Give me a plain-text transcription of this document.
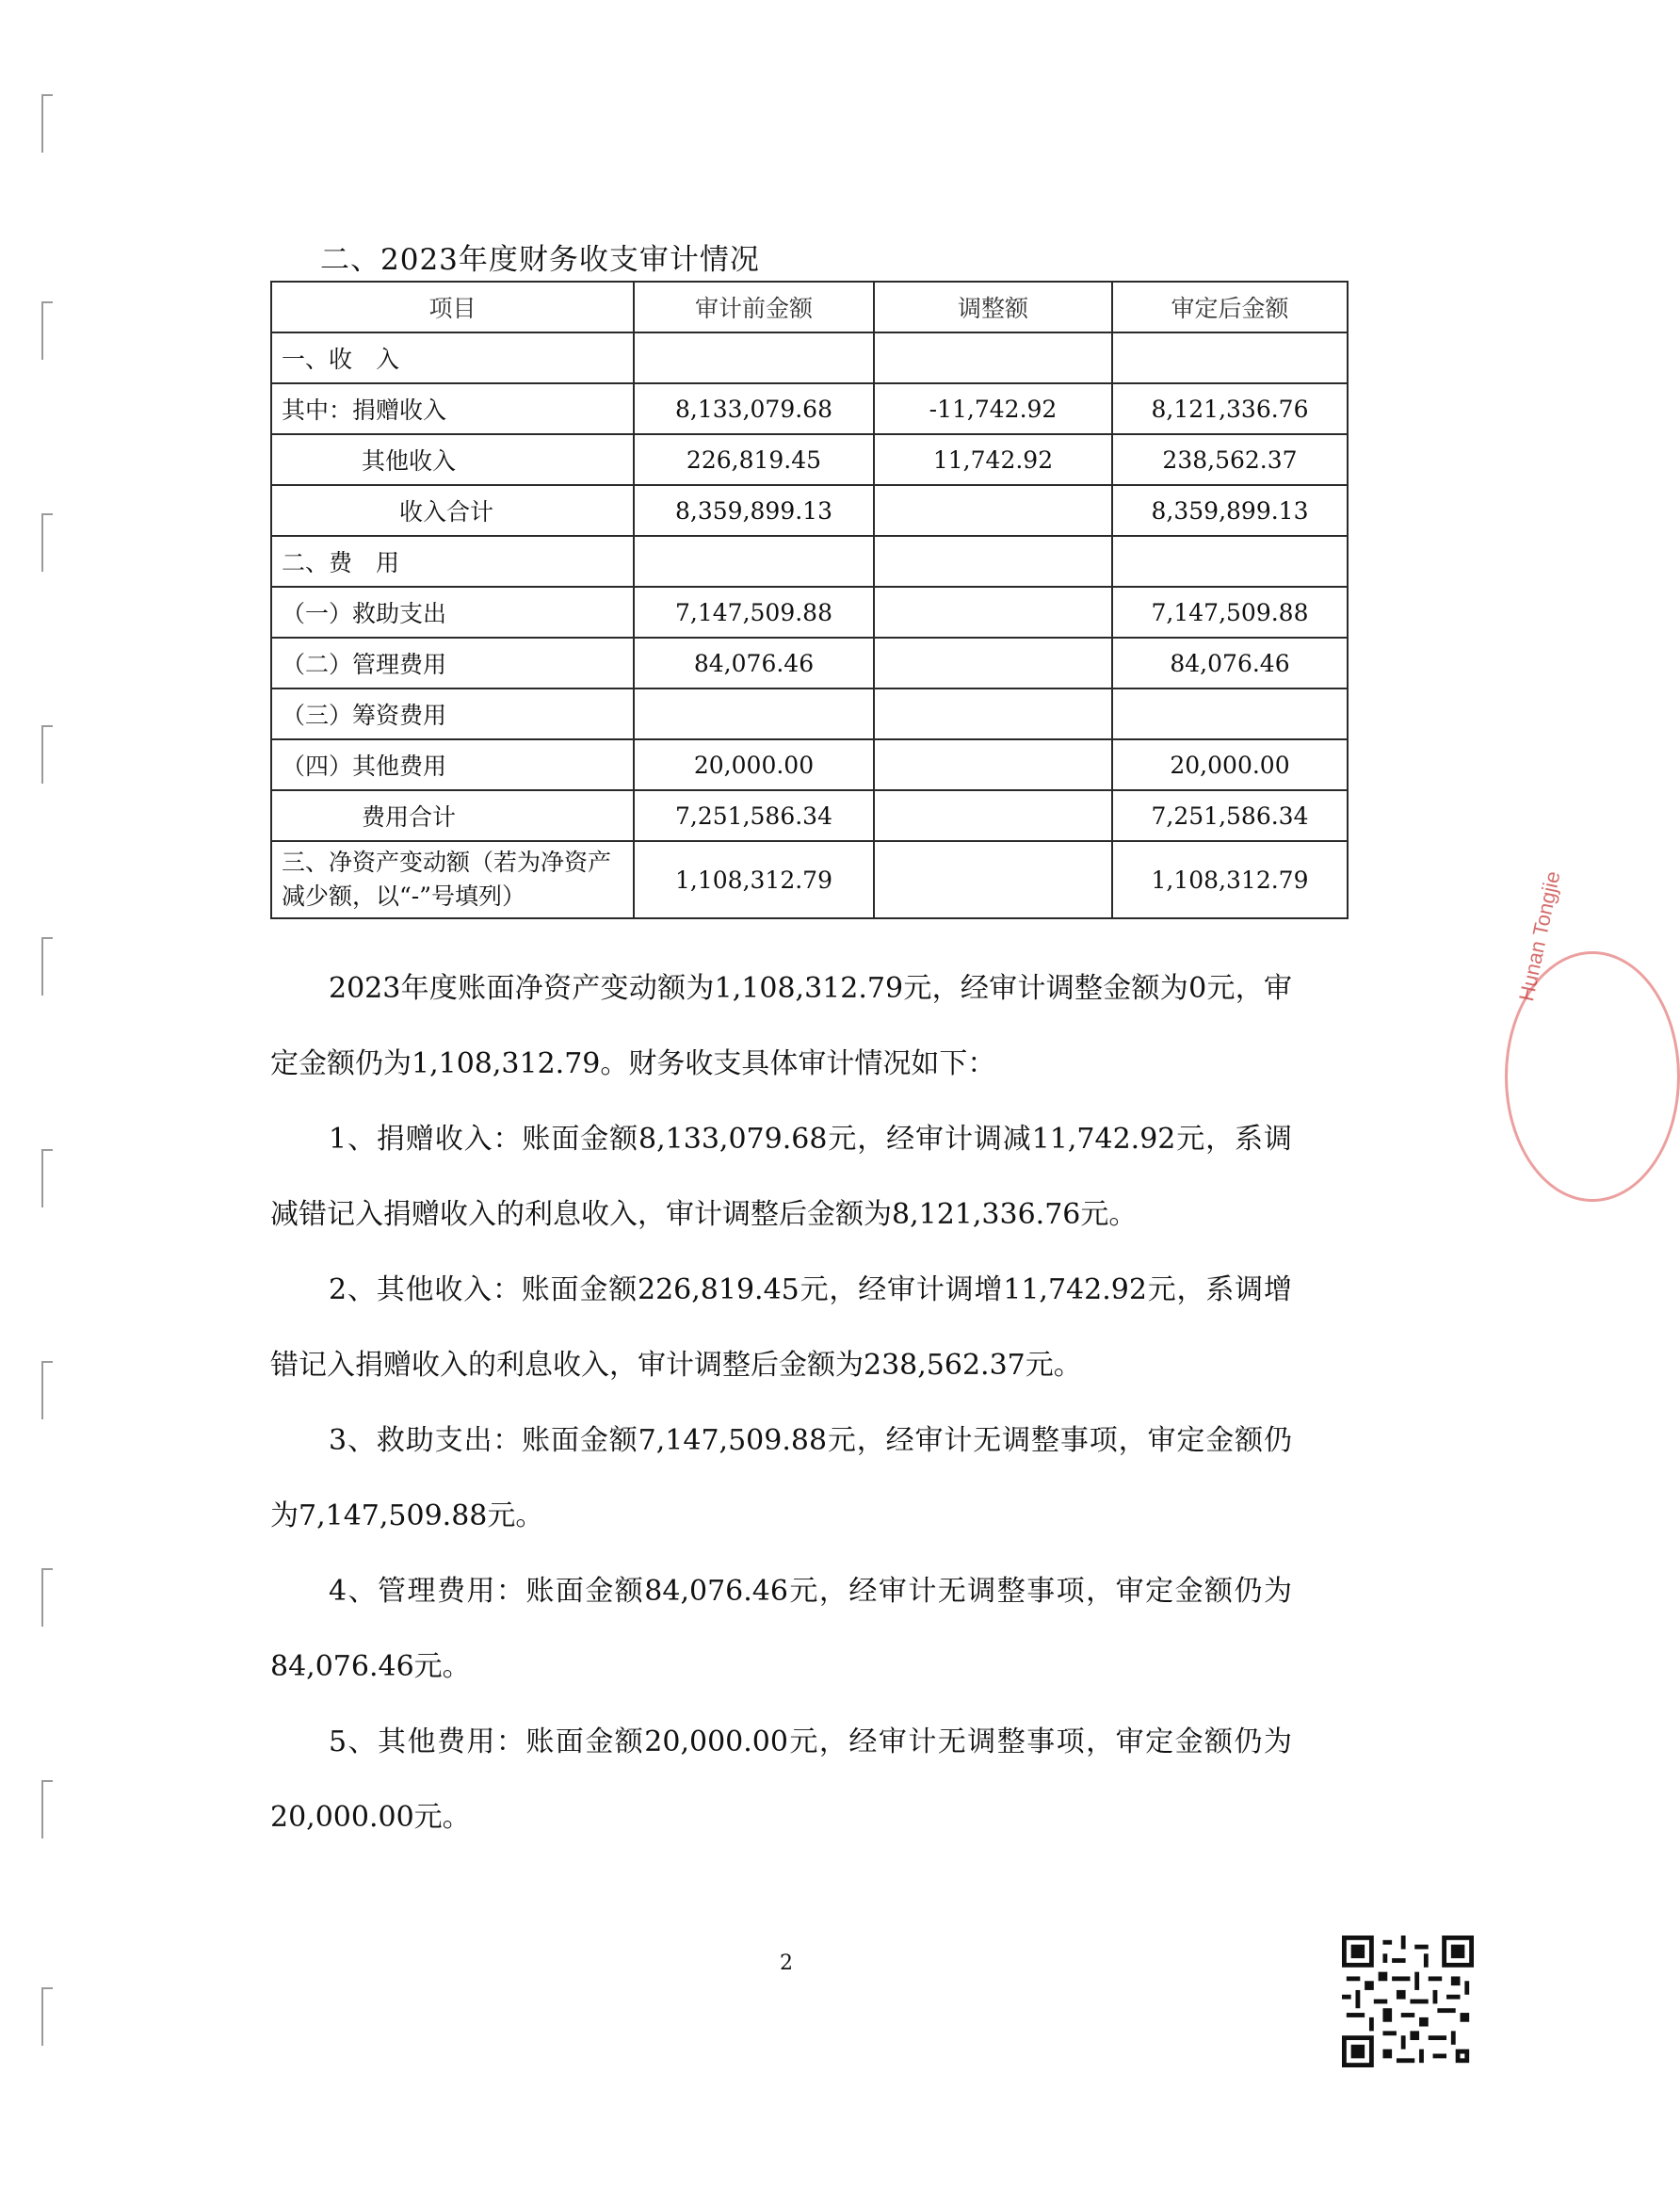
二、2023年度财务收支审计情况
项目	审计前金额	调整额	审定后金额
一、收　入			
其中：捐赠收入	8,133,079.68	-11,742.92	8,121,336.76
其他收入	226,819.45	11,742.92	238,562.37
收入合计	8,359,899.13		8,359,899.13
二、费　用			
（一）救助支出	7,147,509.88		7,147,509.88
（二）管理费用	84,076.46		84,076.46
（三）筹资费用			
（四）其他费用	20,000.00		20,000.00
费用合计	7,251,586.34		7,251,586.34
三、净资产变动额（若为净资产减少额，以“-”号填列）	1,108,312.79		1,108,312.79

2023年度账面净资产变动额为1,108,312.79元，经审计调整金额为0元，审定金额仍为1,108,312.79。财务收支具体审计情况如下：

1、捐赠收入：账面金额8,133,079.68元，经审计调减11,742.92元，系调减错记入捐赠收入的利息收入，审计调整后金额为8,121,336.76元。

2、其他收入：账面金额226,819.45元，经审计调增11,742.92元，系调增错记入捐赠收入的利息收入，审计调整后金额为238,562.37元。

3、救助支出：账面金额7,147,509.88元，经审计无调整事项，审定金额仍为7,147,509.88元。

4、管理费用：账面金额84,076.46元，经审计无调整事项，审定金额仍为84,076.46元。

5、其他费用：账面金额20,000.00元，经审计无调整事项，审定金额仍为20,000.00元。

Hunan Tongjie
2
